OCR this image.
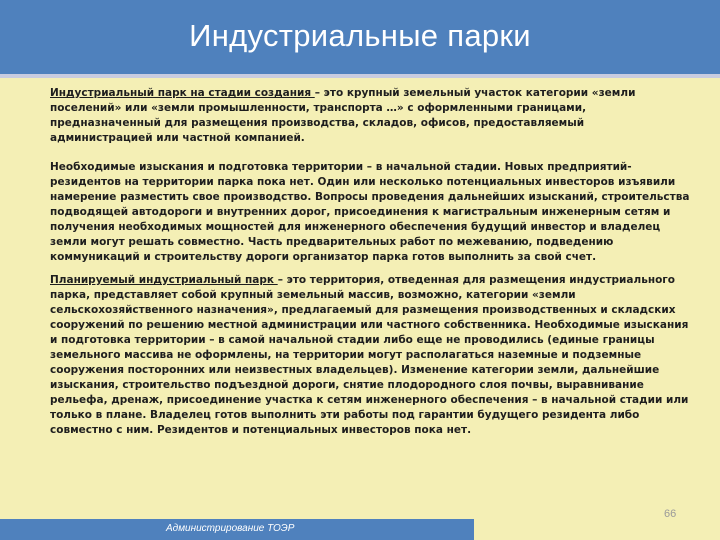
Индустриальные парки

Индустриальный парк на стадии создания – это крупный земельный участок категории «земли поселений» или «земли промышленности, транспорта …» с оформленными границами, предназначенный для размещения производства, складов, офисов, предоставляемый администрацией или частной компанией.

Необходимые изыскания и подготовка территории – в начальной стадии. Новых предприятий-резидентов на территории парка пока нет. Один или несколько потенциальных инвесторов изъявили намерение разместить свое производство. Вопросы проведения дальнейших изысканий, строительства подводящей автодороги и внутренних дорог, присоединения к магистральным инженерным сетям и получения необходимых мощностей для инженерного обеспечения будущий инвестор и владелец земли могут решать совместно. Часть предварительных работ по межеванию, подведению коммуникаций и строительству дороги организатор парка готов выполнить за свой счет.

Планируемый индустриальный парк – это территория, отведенная для размещения индустриального парка, представляет собой крупный земельный массив, возможно, категории «земли сельскохозяйственного назначения», предлагаемый для размещения производственных и складских сооружений по решению местной администрации или частного собственника. Необходимые изыскания и подготовка территории – в самой начальной стадии либо еще не проводились (единые границы земельного массива не оформлены, на территории могут располагаться наземные и подземные сооружения посторонних или неизвестных владельцев). Изменение категории земли, дальнейшие изыскания, строительство подъездной дороги, снятие плодородного слоя почвы, выравнивание рельефа, дренаж, присоединение участка к сетям инженерного обеспечения – в начальной стадии или только в плане. Владелец готов выполнить эти работы под гарантии будущего резидента либо совместно с ним. Резидентов и потенциальных инвесторов пока нет.

Администрирование ТОЭР
66
